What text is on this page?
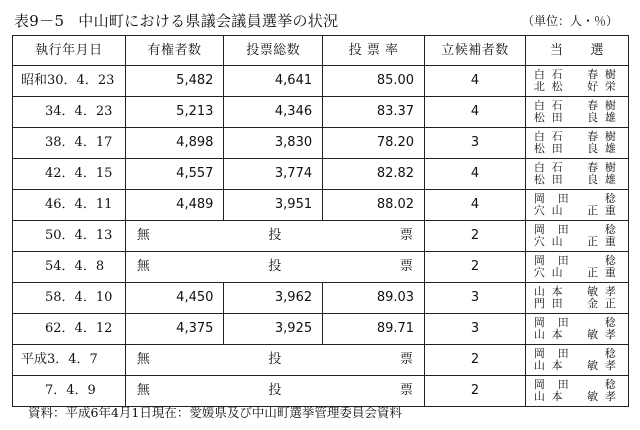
表9－5 中山町における県議会議員選挙の状況	（単位：人・％）
執行年月日	有権者数	投票総数	投 票 率	立候補者数	当　　選
昭和30．4．23	5,482	4,641	85.00	4	白石　春樹
北松　好栄

34．4．23	5,213	4,346	83.37	4	白石　春樹
松田　良雄

38．4．17	4,898	3,830	78.20	3	白石　春樹
松田　良雄

42．4．15	4,557	3,774	82.82	4	白石　春樹
松田　良雄

46．4．11	4,489	3,951	88.02	4	岡田　稔
穴山　正重

50．4．13	無 投 票			2	岡田　稔
穴山　正重

54．4．8	無 投 票			2	岡田　稔
穴山　正重

58．4．10	4,450	3,962	89.03	3	山本　敏孝
門田　金正

62．4．12	4,375	3,925	89.71	3	岡田　稔
山本　敏孝

平成3．4．7	無 投 票			2	岡田　稔
山本　敏孝

7．4．9	無 投 票			2	岡田　稔
山本　敏孝
資料：平成6年4月1日現在：愛媛県及び中山町選挙管理委員会資料
